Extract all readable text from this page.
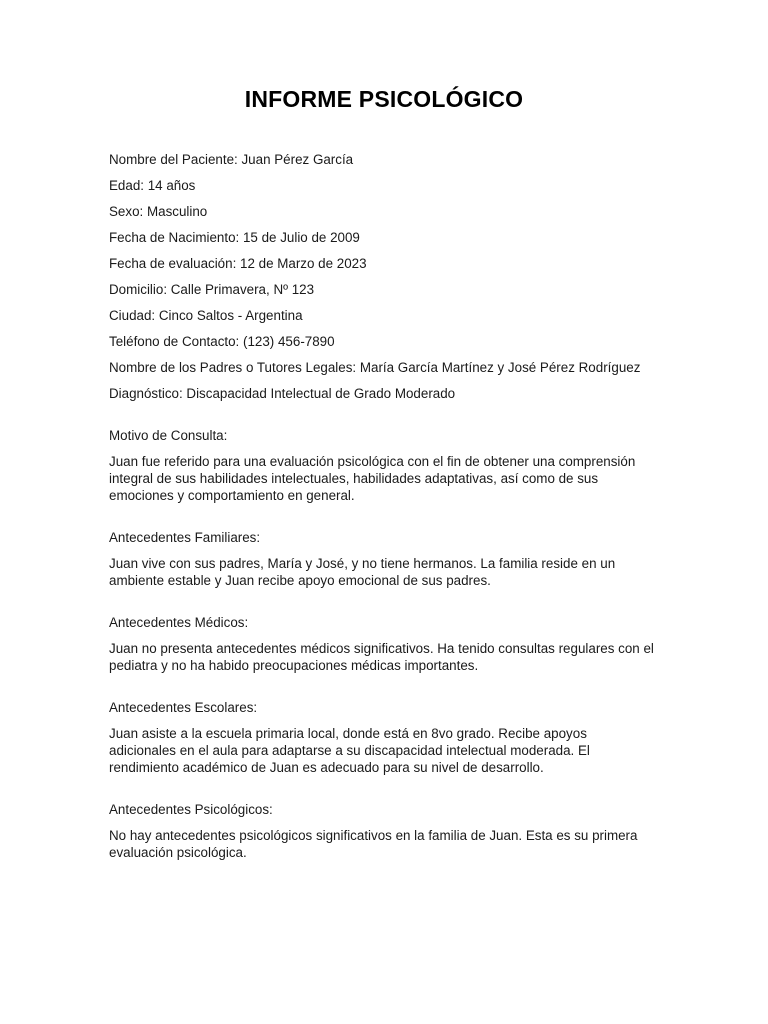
INFORME PSICOLÓGICO

Nombre del Paciente: Juan Pérez García

Edad: 14 años

Sexo: Masculino

Fecha de Nacimiento: 15 de Julio de 2009

Fecha de evaluación: 12 de Marzo de 2023

Domicilio: Calle Primavera, Nº 123

Ciudad: Cinco Saltos - Argentina

Teléfono de Contacto: (123) 456-7890

Nombre de los Padres o Tutores Legales: María García Martínez y José Pérez Rodríguez

Diagnóstico: Discapacidad Intelectual de Grado Moderado

Motivo de Consulta:

Juan fue referido para una evaluación psicológica con el fin de obtener una comprensión integral de sus habilidades intelectuales, habilidades adaptativas, así como de sus emociones y comportamiento en general.

Antecedentes Familiares:

Juan vive con sus padres, María y José, y no tiene hermanos. La familia reside en un ambiente estable y Juan recibe apoyo emocional de sus padres.

Antecedentes Médicos:

Juan no presenta antecedentes médicos significativos. Ha tenido consultas regulares con el pediatra y no ha habido preocupaciones médicas importantes.

Antecedentes Escolares:

Juan asiste a la escuela primaria local, donde está en 8vo grado. Recibe apoyos adicionales en el aula para adaptarse a su discapacidad intelectual moderada. El rendimiento académico de Juan es adecuado para su nivel de desarrollo.

Antecedentes Psicológicos:

No hay antecedentes psicológicos significativos en la familia de Juan. Esta es su primera evaluación psicológica.
